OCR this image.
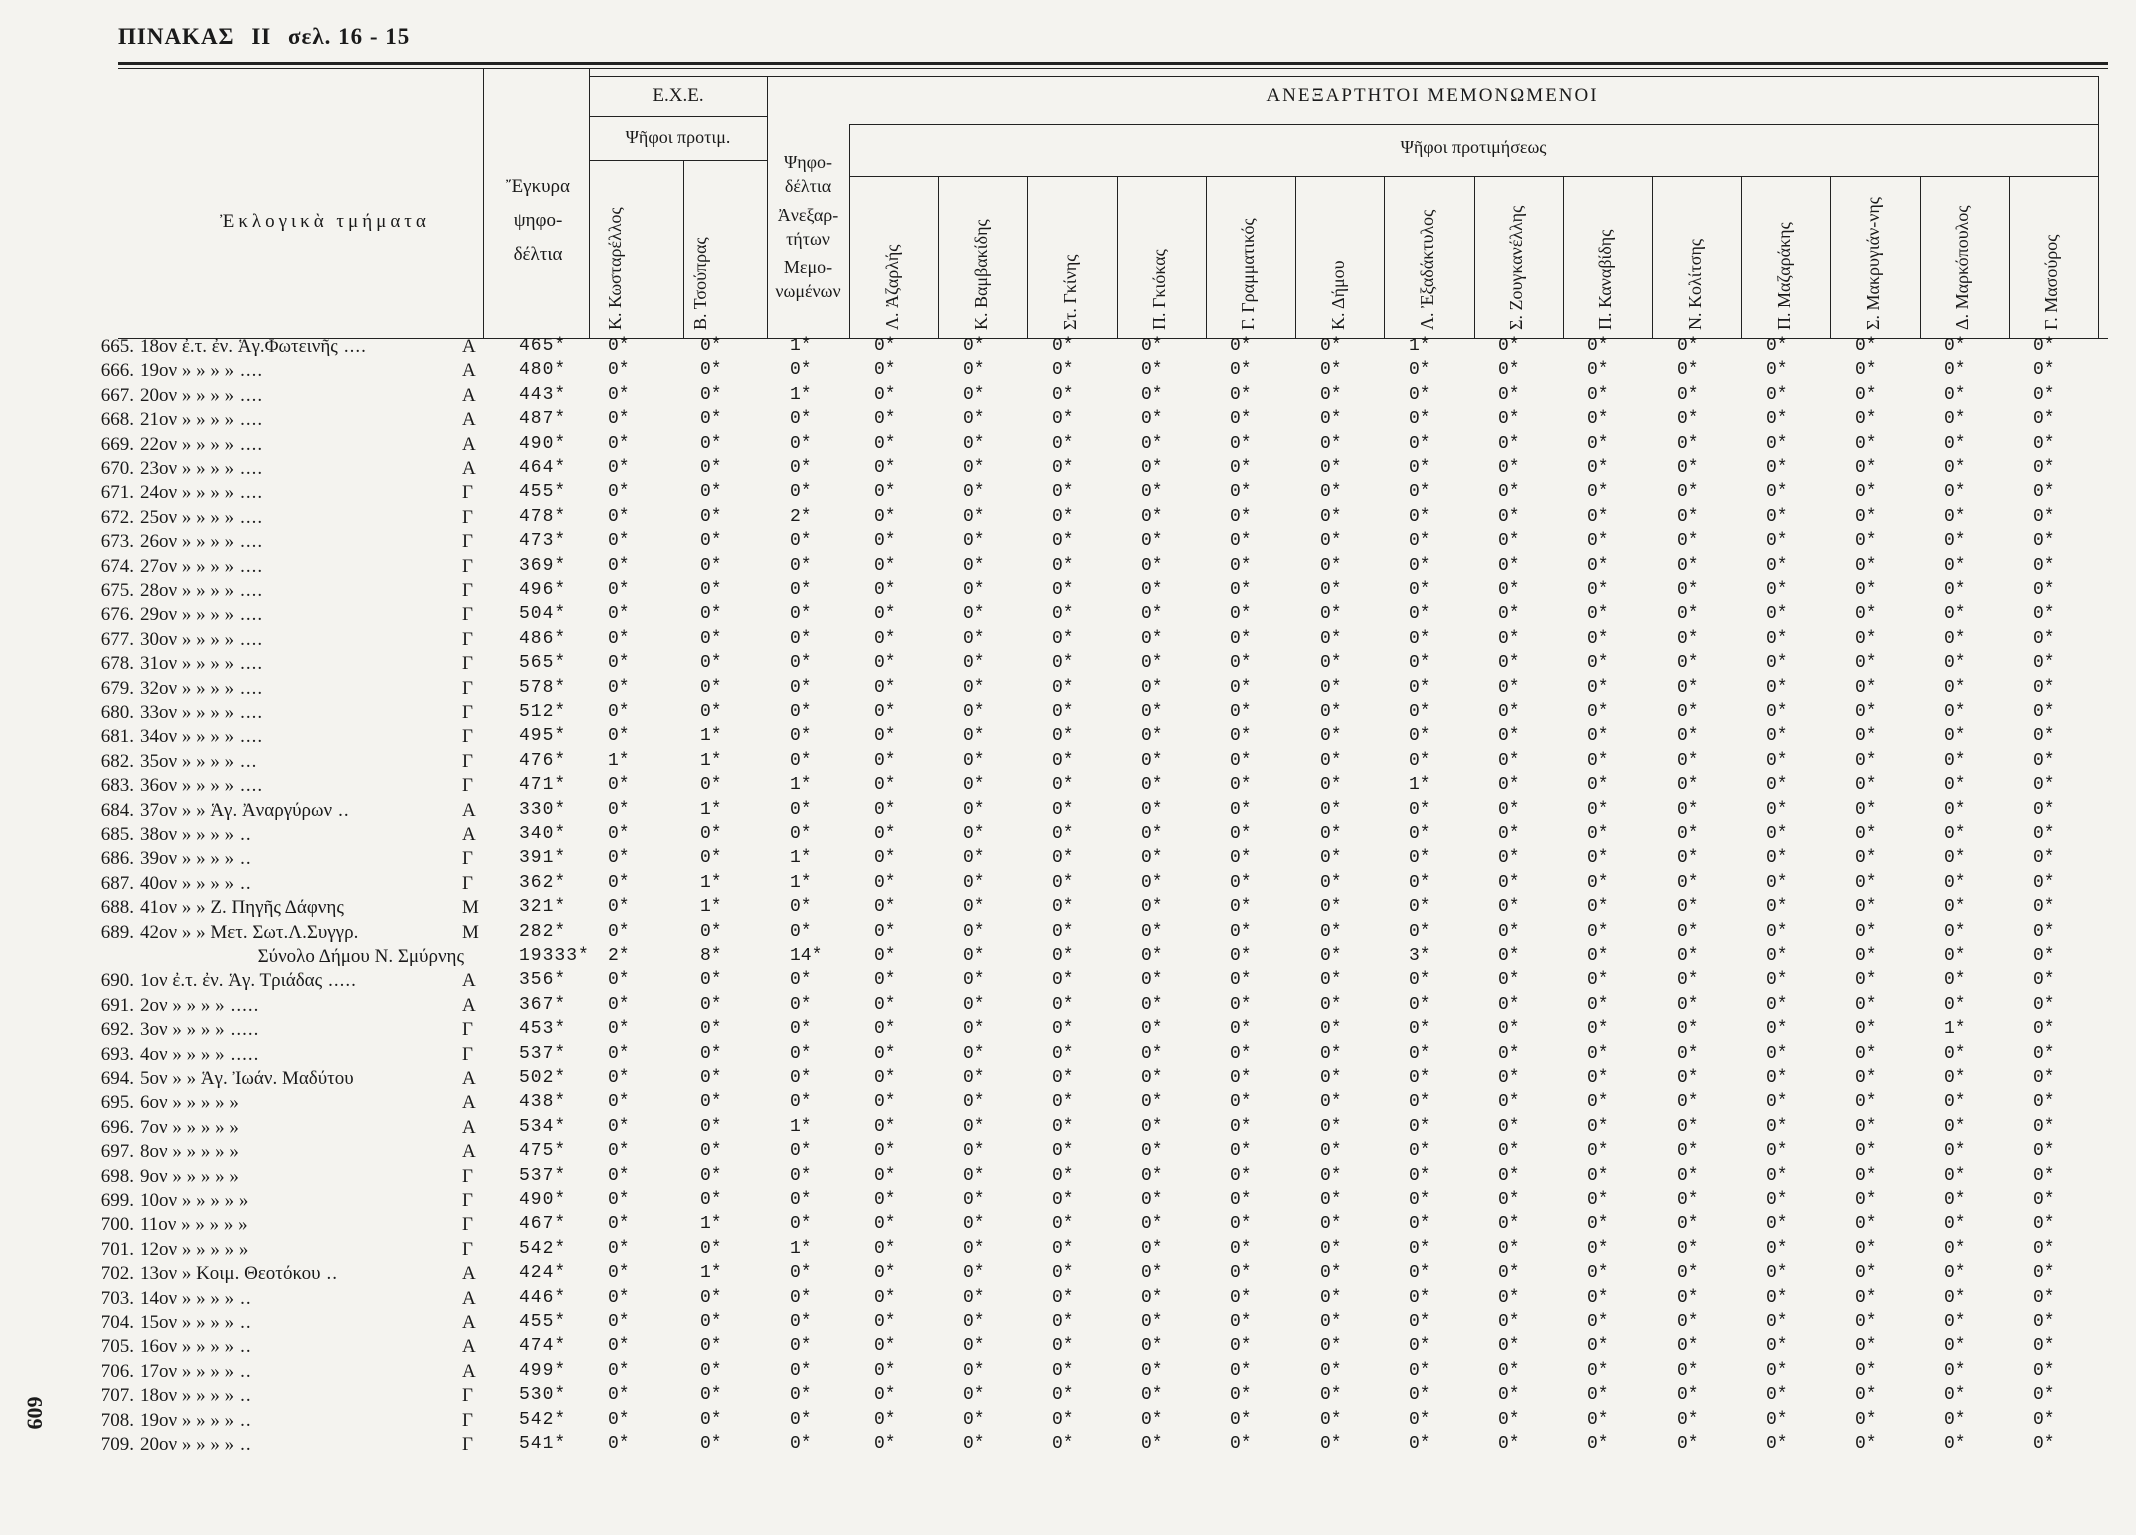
ΠΙΝΑΚΑΣ II σελ. 16 - 15
609
Ἐκλογικὰ τμήματα
Ἔγκυρα
ψηφο-
δέλτια
Ε.Χ.Ε.
Ψῆφοι προτιμ.
ΑΝΕΞΑΡΤΗΤΟΙ ΜΕΜΟΝΩΜΕΝΟΙ
Ψῆφοι προτιμήσεως
Ψηφο-
δέλτια
Ἀνεξαρ-
τήτων
Μεμο-
νωμένων
Κ. Κωσταρέλλος	Β. Τσούπρας	Λ. Ἀζαρλής	Κ. Βαμβακίδης	Στ. Γκίνης	Π. Γκιόκας	Γ. Γραμματικός	Κ. Δήμου	Λ. Ἐξαδάκτυλος	Σ. Ζουγκανέλλης	Π. Καναβίδης	Ν. Κολίτσης	Π. Μαζαράκης	Σ. Μακρυγιάν-νης	Δ. Μαρκόπουλος	Γ. Μασούρος
665. 18ον ἐ.τ. ἐν. Ἁγ.Φωτεινῆς ....	Α 465*	0*	0*	1*	0*	0*	0*	0*	0*	0*	1*	0*	0*	0*	0*	0*	0*	0*
666. 19ον » » » » ....	Α 480*	0*	0*	0*	0*	0*	0*	0*	0*	0*	0*	0*	0*	0*	0*	0*	0*	0*
667. 20ον » » » » ....	Α 443*	0*	0*	1*	0*	0*	0*	0*	0*	0*	0*	0*	0*	0*	0*	0*	0*	0*
668. 21ον » » » » ....	Α 487*	0*	0*	0*	0*	0*	0*	0*	0*	0*	0*	0*	0*	0*	0*	0*	0*	0*
669. 22ον » » » » ....	Α 490*	0*	0*	0*	0*	0*	0*	0*	0*	0*	0*	0*	0*	0*	0*	0*	0*	0*
670. 23ον » » » » ....	Α 464*	0*	0*	0*	0*	0*	0*	0*	0*	0*	0*	0*	0*	0*	0*	0*	0*	0*
671. 24ον » » » » ....	Γ	455*	0*	0*	0*	0*	0*	0*	0*	0*	0*	0*	0*	0*	0*	0*	0*	0*	0*
672. 25ον » » » » ....	Γ	478*	0*	0*	2*	0*	0*	0*	0*	0*	0*	0*	0*	0*	0*	0*	0*	0*	0*
673. 26ον » » » » ....	Γ	473*	0*	0*	0*	0*	0*	0*	0*	0*	0*	0*	0*	0*	0*	0*	0*	0*	0*
674. 27ον » » » » ....	Γ	369*	0*	0*	0*	0*	0*	0*	0*	0*	0*	0*	0*	0*	0*	0*	0*	0*	0*
675. 28ον » » » » ....	Γ	496*	0*	0*	0*	0*	0*	0*	0*	0*	0*	0*	0*	0*	0*	0*	0*	0*	0*
676. 29ον » » » » ....	Γ	504*	0*	0*	0*	0*	0*	0*	0*	0*	0*	0*	0*	0*	0*	0*	0*	0*	0*
677. 30ον » » » » ....	Γ	486*	0*	0*	0*	0*	0*	0*	0*	0*	0*	0*	0*	0*	0*	0*	0*	0*	0*
678. 31ον » » » » ....	Γ	565*	0*	0*	0*	0*	0*	0*	0*	0*	0*	0*	0*	0*	0*	0*	0*	0*	0*
679. 32ον » » » » ....	Γ	578*	0*	0*	0*	0*	0*	0*	0*	0*	0*	0*	0*	0*	0*	0*	0*	0*	0*
680. 33ον » » » » ....	Γ	512*	0*	0*	0*	0*	0*	0*	0*	0*	0*	0*	0*	0*	0*	0*	0*	0*	0*
681. 34ον » » » » ....	Γ	495*	0*	1*	0*	0*	0*	0*	0*	0*	0*	0*	0*	0*	0*	0*	0*	0*	0*
682. 35ον » » » » ...	Γ	476*	1*	1*	0*	0*	0*	0*	0*	0*	0*	0*	0*	0*	0*	0*	0*	0*	0*
683. 36ον » » » » ....	Γ	471*	0*	0*	1*	0*	0*	0*	0*	0*	0*	1*	0*	0*	0*	0*	0*	0*	0*
684. 37ον » » Ἁγ. Ἀναργύρων ..	Α 330*	0*	1*	0*	0*	0*	0*	0*	0*	0*	0*	0*	0*	0*	0*	0*	0*	0*
685. 38ον » » » » ..	Α 340*	0*	0*	0*	0*	0*	0*	0*	0*	0*	0*	0*	0*	0*	0*	0*	0*	0*
686. 39ον » » » » ..	Γ	391*	0*	0*	1*	0*	0*	0*	0*	0*	0*	0*	0*	0*	0*	0*	0*	0*	0*
687. 40ον » » » » ..	Γ	362*	0*	1*	1*	0*	0*	0*	0*	0*	0*	0*	0*	0*	0*	0*	0*	0*	0*
688. 41ον » » Ζ. Πηγῆς Δάφνης	Μ 321*	0*	1*	0*	0*	0*	0*	0*	0*	0*	0*	0*	0*	0*	0*	0*	0*	0*
689. 42ον » » Μετ. Σωτ.Λ.Συγγρ.	Μ 282*	0*	0*	0*	0*	0*	0*	0*	0*	0*	0*	0*	0*	0*	0*	0*	0*	0*
Σύνολο Δήμου Ν. Σμύρνης	19333* 2*	8*	14*	0*	0*	0*	0*	0*	0*	3*	0*	0*	0*	0*	0*	0*	0*
690. 1ον ἐ.τ. ἐν. Ἁγ. Τριάδας .....	Α 356*	0*	0*	0*	0*	0*	0*	0*	0*	0*	0*	0*	0*	0*	0*	0*	0*	0*
691. 2ον » » » » .....	Α 367*	0*	0*	0*	0*	0*	0*	0*	0*	0*	0*	0*	0*	0*	0*	0*	0*	0*
692. 3ον » » » » .....	Γ	453*	0*	0*	0*	0*	0*	0*	0*	0*	0*	0*	0*	0*	0*	0*	0*	1*	0*
693. 4ον » » » » .....	Γ	537*	0*	0*	0*	0*	0*	0*	0*	0*	0*	0*	0*	0*	0*	0*	0*	0*	0*
694. 5ον » » Ἁγ. Ἰωάν. Μαδύτου	Α 502*	0*	0*	0*	0*	0*	0*	0*	0*	0*	0*	0*	0*	0*	0*	0*	0*	0*
695. 6ον » » » » »	Α 438*	0*	0*	0*	0*	0*	0*	0*	0*	0*	0*	0*	0*	0*	0*	0*	0*	0*
696. 7ον » » » » »	Α 534*	0*	0*	1*	0*	0*	0*	0*	0*	0*	0*	0*	0*	0*	0*	0*	0*	0*
697. 8ον » » » » »	Α 475*	0*	0*	0*	0*	0*	0*	0*	0*	0*	0*	0*	0*	0*	0*	0*	0*	0*
698. 9ον » » » » »	Γ	537*	0*	0*	0*	0*	0*	0*	0*	0*	0*	0*	0*	0*	0*	0*	0*	0*	0*
699. 10ον » » » » »	Γ	490*	0*	0*	0*	0*	0*	0*	0*	0*	0*	0*	0*	0*	0*	0*	0*	0*	0*
700. 11ον » » » » »	Γ	467*	0*	1*	0*	0*	0*	0*	0*	0*	0*	0*	0*	0*	0*	0*	0*	0*	0*
701. 12ον » » » » »	Γ	542*	0*	0*	1*	0*	0*	0*	0*	0*	0*	0*	0*	0*	0*	0*	0*	0*	0*
702. 13ον » Κοιμ. Θεοτόκου ..	Α 424*	0*	1*	0*	0*	0*	0*	0*	0*	0*	0*	0*	0*	0*	0*	0*	0*	0*
703. 14ον » » » » ..	Α 446*	0*	0*	0*	0*	0*	0*	0*	0*	0*	0*	0*	0*	0*	0*	0*	0*	0*
704. 15ον » » » » ..	Α 455*	0*	0*	0*	0*	0*	0*	0*	0*	0*	0*	0*	0*	0*	0*	0*	0*	0*
705. 16ον » » » » ..	Α 474*	0*	0*	0*	0*	0*	0*	0*	0*	0*	0*	0*	0*	0*	0*	0*	0*	0*
706. 17ον » » » » ..	Α 499*	0*	0*	0*	0*	0*	0*	0*	0*	0*	0*	0*	0*	0*	0*	0*	0*	0*
707. 18ον » » » » ..	Γ	530*	0*	0*	0*	0*	0*	0*	0*	0*	0*	0*	0*	0*	0*	0*	0*	0*	0*
708. 19ον » » » » ..	Γ	542*	0*	0*	0*	0*	0*	0*	0*	0*	0*	0*	0*	0*	0*	0*	0*	0*	0*
709. 20ον » » » » ..	Γ	541*	0*	0*	0*	0*	0*	0*	0*	0*	0*	0*	0*	0*	0*	0*	0*	0*	0*
